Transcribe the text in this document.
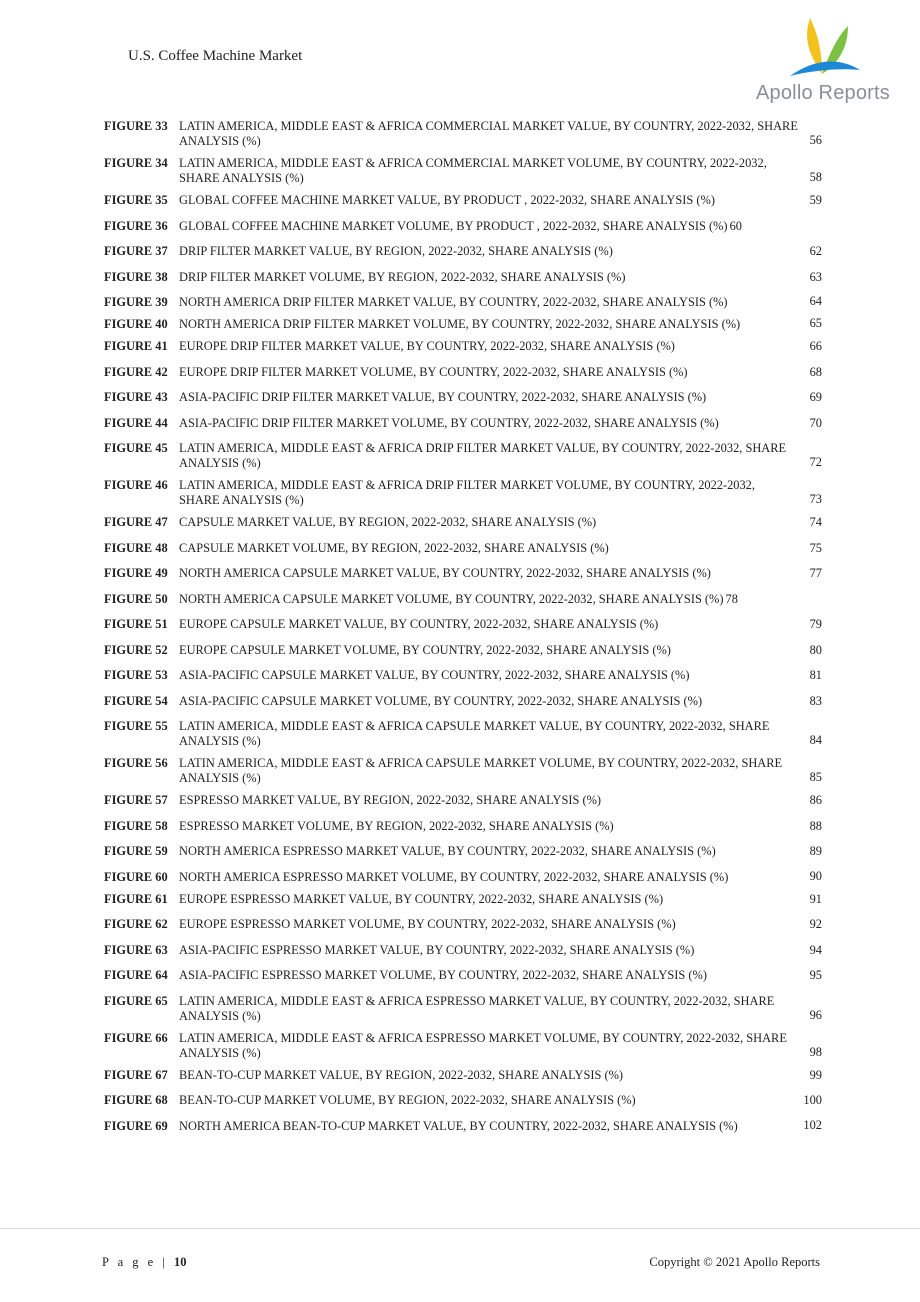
U.S. Coffee Machine Market
Apollo Reports
FIGURE 33 LATIN AMERICA, MIDDLE EAST & AFRICA COMMERCIAL MARKET VALUE, BY COUNTRY, 2022-2032, SHARE ANALYSIS (%)	56
FIGURE 34 LATIN AMERICA, MIDDLE EAST & AFRICA COMMERCIAL MARKET VOLUME, BY COUNTRY, 2022-2032, SHARE ANALYSIS (%)	58
FIGURE 35 GLOBAL COFFEE MACHINE MARKET VALUE, BY PRODUCT , 2022-2032, SHARE ANALYSIS (%)	59
FIGURE 36 GLOBAL COFFEE MACHINE MARKET VOLUME, BY PRODUCT , 2022-2032, SHARE ANALYSIS (%) 60
FIGURE 37 DRIP FILTER MARKET VALUE, BY REGION, 2022-2032, SHARE ANALYSIS (%)	62
FIGURE 38 DRIP FILTER MARKET VOLUME, BY REGION, 2022-2032, SHARE ANALYSIS (%)	63
FIGURE 39 NORTH AMERICA DRIP FILTER MARKET VALUE, BY COUNTRY, 2022-2032, SHARE ANALYSIS (%)	64
FIGURE 40 NORTH AMERICA DRIP FILTER MARKET VOLUME, BY COUNTRY, 2022-2032, SHARE ANALYSIS (%)	65
FIGURE 41 EUROPE DRIP FILTER MARKET VALUE, BY COUNTRY, 2022-2032, SHARE ANALYSIS (%)	66
FIGURE 42 EUROPE DRIP FILTER MARKET VOLUME, BY COUNTRY, 2022-2032, SHARE ANALYSIS (%)	68
FIGURE 43 ASIA-PACIFIC DRIP FILTER MARKET VALUE, BY COUNTRY, 2022-2032, SHARE ANALYSIS (%)	69
FIGURE 44 ASIA-PACIFIC DRIP FILTER MARKET VOLUME, BY COUNTRY, 2022-2032, SHARE ANALYSIS (%)	70
FIGURE 45 LATIN AMERICA, MIDDLE EAST & AFRICA DRIP FILTER MARKET VALUE, BY COUNTRY, 2022-2032, SHARE ANALYSIS (%)	72
FIGURE 46 LATIN AMERICA, MIDDLE EAST & AFRICA DRIP FILTER MARKET VOLUME, BY COUNTRY, 2022-2032, SHARE ANALYSIS (%)	73
FIGURE 47 CAPSULE MARKET VALUE, BY REGION, 2022-2032, SHARE ANALYSIS (%)	74
FIGURE 48 CAPSULE MARKET VOLUME, BY REGION, 2022-2032, SHARE ANALYSIS (%)	75
FIGURE 49 NORTH AMERICA CAPSULE MARKET VALUE, BY COUNTRY, 2022-2032, SHARE ANALYSIS (%)	77
FIGURE 50 NORTH AMERICA CAPSULE MARKET VOLUME, BY COUNTRY, 2022-2032, SHARE ANALYSIS (%) 78
FIGURE 51 EUROPE CAPSULE MARKET VALUE, BY COUNTRY, 2022-2032, SHARE ANALYSIS (%)	79
FIGURE 52 EUROPE CAPSULE MARKET VOLUME, BY COUNTRY, 2022-2032, SHARE ANALYSIS (%)	80
FIGURE 53 ASIA-PACIFIC CAPSULE MARKET VALUE, BY COUNTRY, 2022-2032, SHARE ANALYSIS (%)	81
FIGURE 54 ASIA-PACIFIC CAPSULE MARKET VOLUME, BY COUNTRY, 2022-2032, SHARE ANALYSIS (%)	83
FIGURE 55 LATIN AMERICA, MIDDLE EAST & AFRICA CAPSULE MARKET VALUE, BY COUNTRY, 2022-2032, SHARE ANALYSIS (%)	84
FIGURE 56 LATIN AMERICA, MIDDLE EAST & AFRICA CAPSULE MARKET VOLUME, BY COUNTRY, 2022-2032, SHARE ANALYSIS (%)	85
FIGURE 57 ESPRESSO MARKET VALUE, BY REGION, 2022-2032, SHARE ANALYSIS (%)	86
FIGURE 58 ESPRESSO MARKET VOLUME, BY REGION, 2022-2032, SHARE ANALYSIS (%)	88
FIGURE 59 NORTH AMERICA ESPRESSO MARKET VALUE, BY COUNTRY, 2022-2032, SHARE ANALYSIS (%)	89
FIGURE 60 NORTH AMERICA ESPRESSO MARKET VOLUME, BY COUNTRY, 2022-2032, SHARE ANALYSIS (%)	90
FIGURE 61 EUROPE ESPRESSO MARKET VALUE, BY COUNTRY, 2022-2032, SHARE ANALYSIS (%)	91
FIGURE 62 EUROPE ESPRESSO MARKET VOLUME, BY COUNTRY, 2022-2032, SHARE ANALYSIS (%)	92
FIGURE 63 ASIA-PACIFIC ESPRESSO MARKET VALUE, BY COUNTRY, 2022-2032, SHARE ANALYSIS (%)	94
FIGURE 64 ASIA-PACIFIC ESPRESSO MARKET VOLUME, BY COUNTRY, 2022-2032, SHARE ANALYSIS (%)	95
FIGURE 65 LATIN AMERICA, MIDDLE EAST & AFRICA ESPRESSO MARKET VALUE, BY COUNTRY, 2022-2032, SHARE ANALYSIS (%)	96
FIGURE 66 LATIN AMERICA, MIDDLE EAST & AFRICA ESPRESSO MARKET VOLUME, BY COUNTRY, 2022-2032, SHARE ANALYSIS (%)	98
FIGURE 67 BEAN-TO-CUP MARKET VALUE, BY REGION, 2022-2032, SHARE ANALYSIS (%)	99
FIGURE 68 BEAN-TO-CUP MARKET VOLUME, BY REGION, 2022-2032, SHARE ANALYSIS (%)	100
FIGURE 69 NORTH AMERICA BEAN-TO-CUP MARKET VALUE, BY COUNTRY, 2022-2032, SHARE ANALYSIS (%)	102
P a g e | 10	Copyright © 2021 Apollo Reports
